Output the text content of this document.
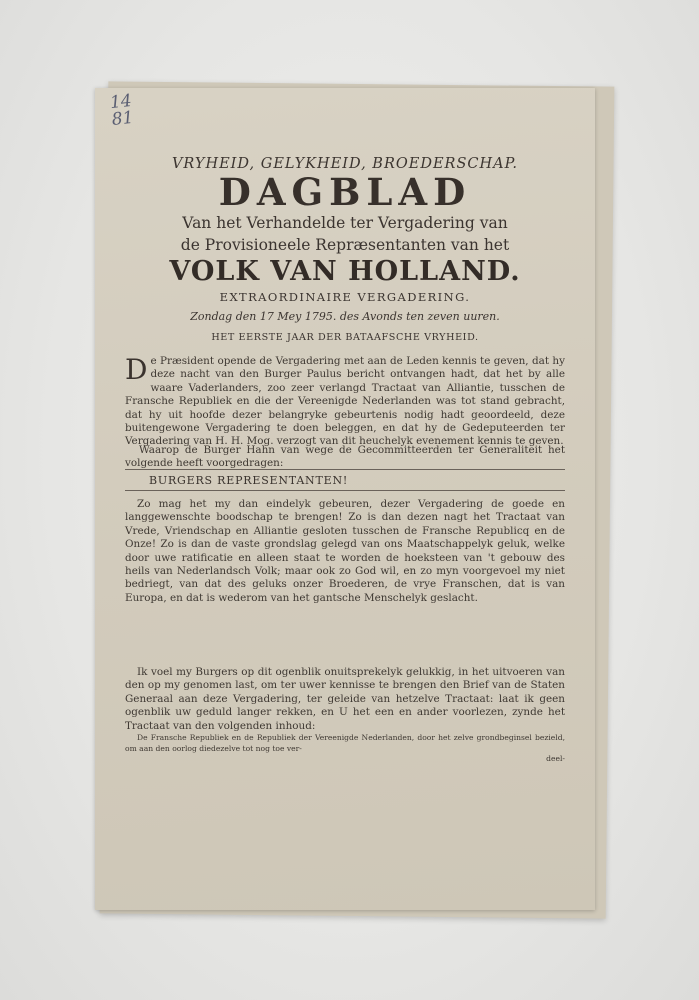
14
81
VRYHEID, GELYKHEID, BROEDERSCHAP.
DAGBLAD
Van het Verhandelde ter Vergadering van
de Provisioneele Repræsentanten van het
VOLK VAN HOLLAND.
EXTRAORDINAIRE VERGADERING.
Zondag den 17 Mey 1795. des Avonds ten zeven uuren.
HET EERSTE JAAR DER BATAAFSCHE VRYHEID.

De Præsident opende de Vergadering met aan de Leden kennis te geven, dat hy deze nacht van den Burger Paulus bericht ontvangen hadt, dat het by alle waare Vaderlanders, zoo zeer verlangd Tractaat van Alliantie, tusschen de Fransche Republiek en die der Vereenigde Nederlanden was tot stand gebracht, dat hy uit hoofde dezer belangryke gebeurtenis nodig hadt geoordeeld, deze buitengewone Vergadering te doen beleggen, en dat hy de Gedeputeerden ter Vergadering van H. H. Mog. verzogt van dit heuchelyk evenement kennis te geven.

Waarop de Burger Hahn van wege de Gecommitteerden ter Generaliteit het volgende heeft voorgedragen:

BURGERS REPRESENTANTEN!

Zo mag het my dan eindelyk gebeuren, dezer Vergadering de goede en langgewenschte boodschap te brengen! Zo is dan dezen nagt het Tractaat van Vrede, Vriendschap en Alliantie gesloten tusschen de Fransche Republicq en de Onze! Zo is dan de vaste grondslag gelegd van ons Maatschappelyk geluk, welke door uwe ratificatie en alleen staat te worden de hoeksteen van 't gebouw des heils van Nederlandsch Volk; maar ook zo God wil, en zo myn voorgevoel my niet bedriegt, van dat des geluks onzer Broederen, de vrye Franschen, dat is van Europa, en dat is wederom van het gantsche Menschelyk geslacht.

Ik voel my Burgers op dit ogenblik onuitsprekelyk gelukkig, in het uitvoeren van den op my genomen last, om ter uwer kennisse te brengen den Brief van de Staten Generaal aan deze Vergadering, ter geleide van hetzelve Tractaat: laat ik geen ogenblik uw geduld langer rekken, en U het een en ander voorlezen, zynde het Tractaat van den volgenden inhoud:

De Fransche Republiek en de Republiek der Vereenigde Nederlanden, door het zelve grondbeginsel bezield, om aan den oorlog diedezelve tot nog toe ver-
deel-
